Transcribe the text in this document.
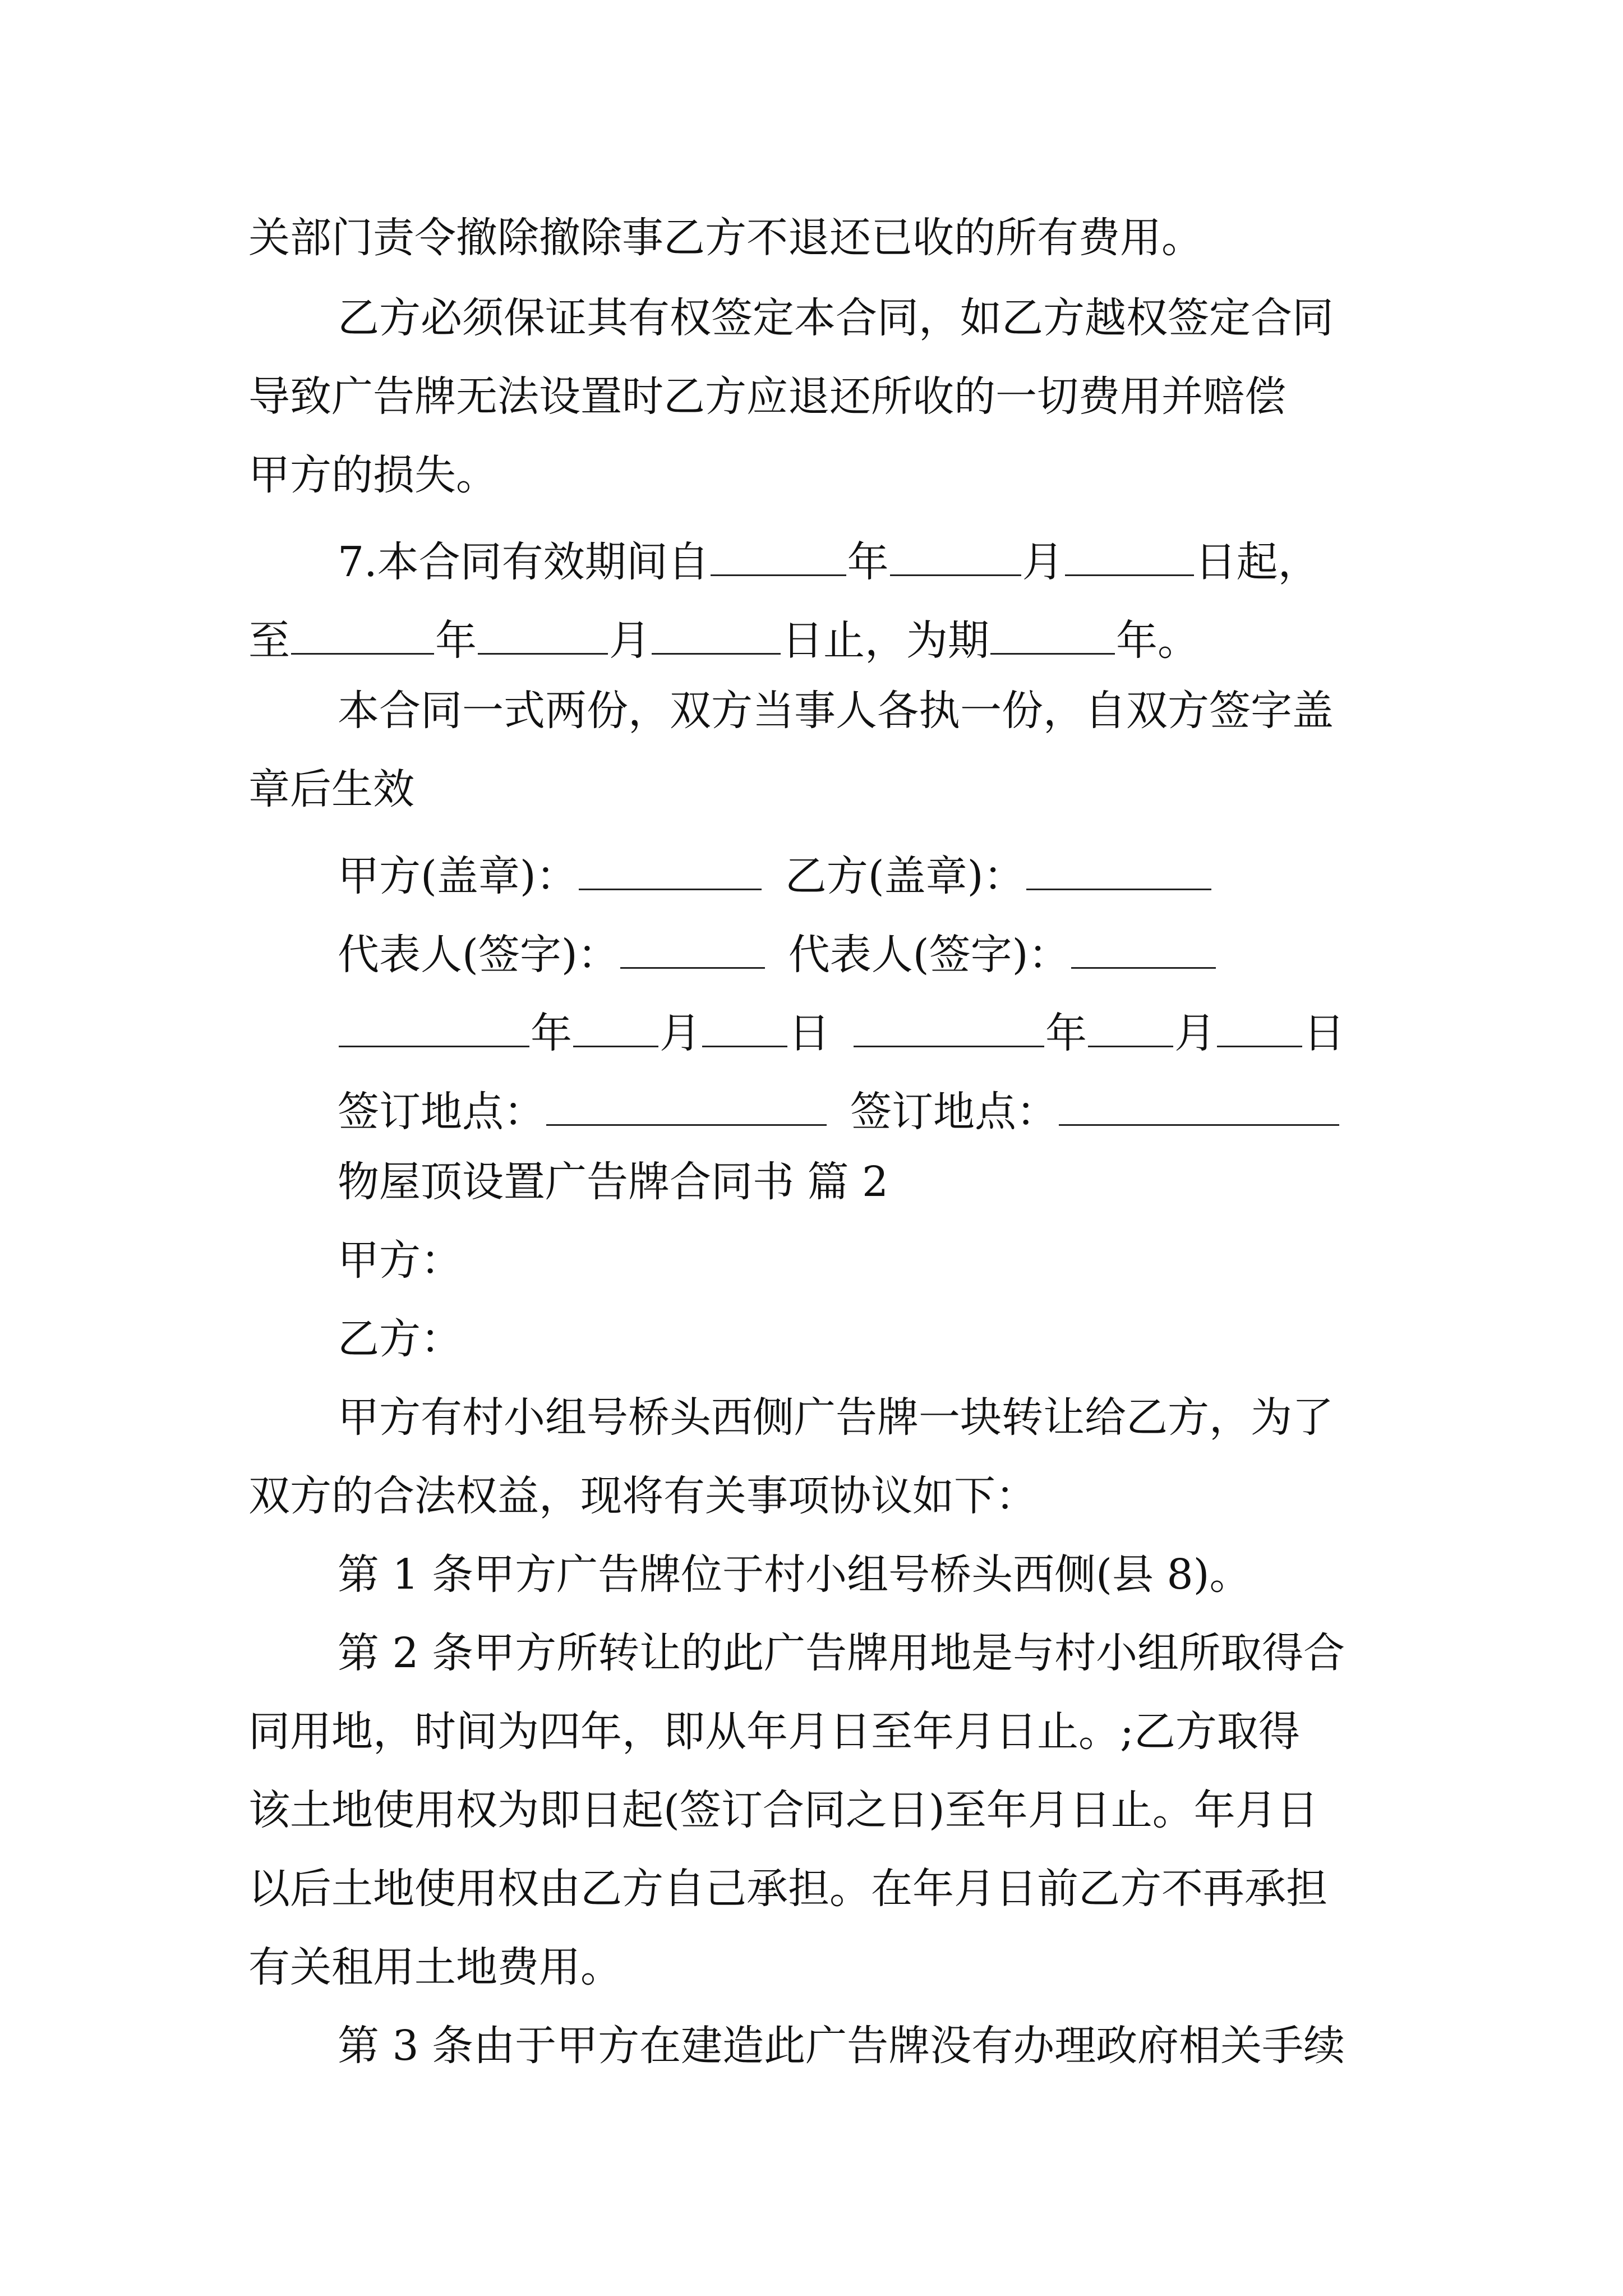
关部门责令撤除撤除事乙方不退还已收的所有费用。

乙方必须保证其有权签定本合同，如乙方越权签定合同

导致广告牌无法设置时乙方应退还所收的一切费用并赔偿

甲方的损失。

7.本合同有效期间自	年	月	日起，

至	年	月	日止，为期	年。

本合同一式两份，双方当事人各执一份，自双方签字盖

章后生效

甲方(盖章)：	乙方(盖章)：

代表人(签字)：	代表人(签字)：

年 月 日	年 月 日

签订地点：	签订地点：

物屋顶设置广告牌合同书 篇 2

甲方：

乙方：

甲方有村小组号桥头西侧广告牌一块转让给乙方，为了

双方的合法权益，现将有关事项协议如下：

第 1 条甲方广告牌位于村小组号桥头西侧(县 8)。

第 2 条甲方所转让的此广告牌用地是与村小组所取得合

同用地，时间为四年，即从年月日至年月日止。;乙方取得

该土地使用权为即日起(签订合同之日)至年月日止。年月日

以后土地使用权由乙方自己承担。在年月日前乙方不再承担

有关租用土地费用。

第 3 条由于甲方在建造此广告牌没有办理政府相关手续
